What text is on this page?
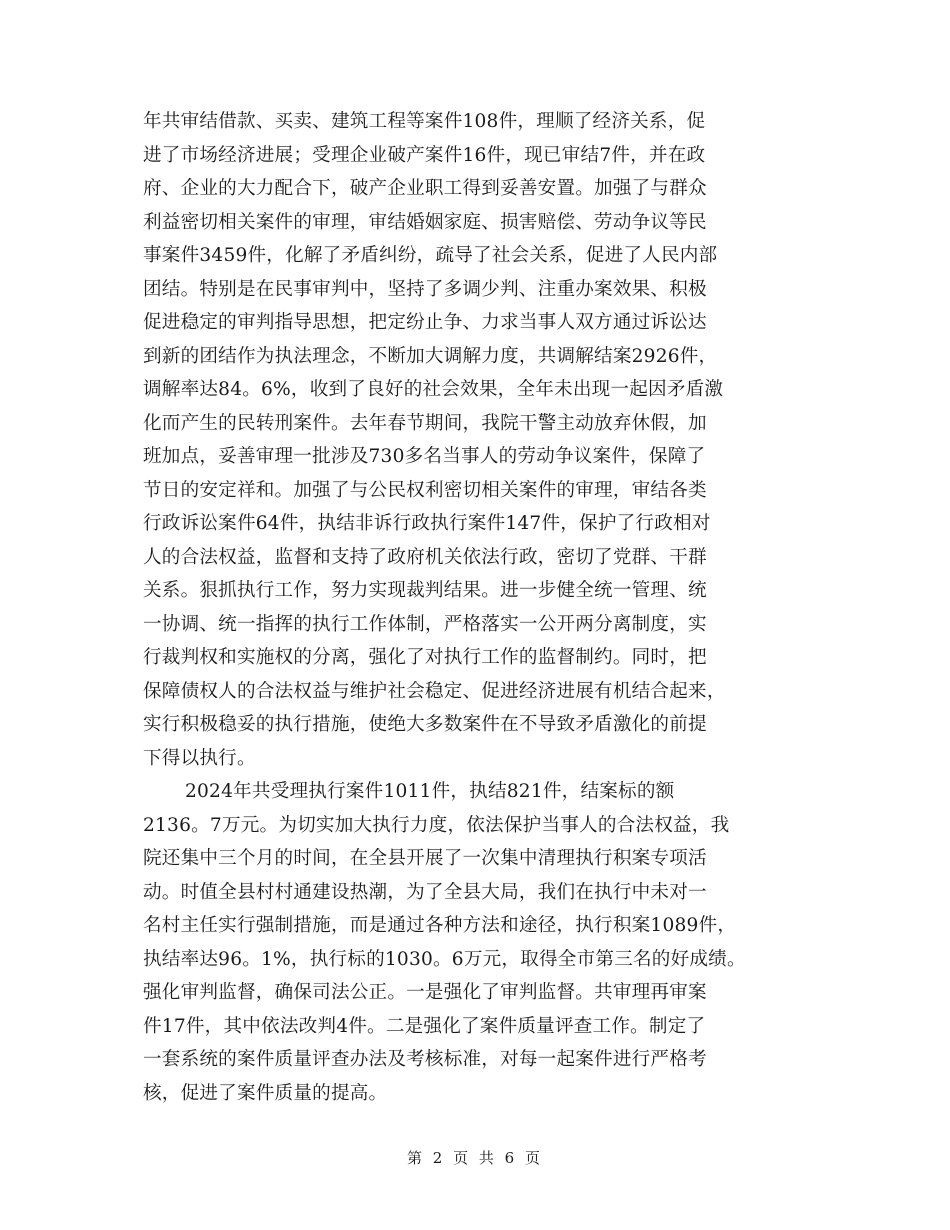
年共审结借款、买卖、建筑工程等案件108件，理顺了经济关系，促
进了市场经济进展；受理企业破产案件16件，现已审结7件，并在政
府、企业的大力配合下，破产企业职工得到妥善安置。加强了与群众
利益密切相关案件的审理，审结婚姻家庭、损害赔偿、劳动争议等民
事案件3459件，化解了矛盾纠纷，疏导了社会关系，促进了人民内部
团结。特别是在民事审判中，坚持了多调少判、注重办案效果、积极
促进稳定的审判指导思想，把定纷止争、力求当事人双方通过诉讼达
到新的团结作为执法理念，不断加大调解力度，共调解结案2926件，
调解率达84。6%，收到了良好的社会效果，全年未出现一起因矛盾激
化而产生的民转刑案件。去年春节期间，我院干警主动放弃休假，加
班加点，妥善审理一批涉及730多名当事人的劳动争议案件，保障了
节日的安定祥和。加强了与公民权利密切相关案件的审理，审结各类
行政诉讼案件64件，执结非诉行政执行案件147件，保护了行政相对
人的合法权益，监督和支持了政府机关依法行政，密切了党群、干群
关系。狠抓执行工作，努力实现裁判结果。进一步健全统一管理、统
一协调、统一指挥的执行工作体制，严格落实一公开两分离制度，实
行裁判权和实施权的分离，强化了对执行工作的监督制约。同时，把
保障债权人的合法权益与维护社会稳定、促进经济进展有机结合起来，
实行积极稳妥的执行措施，使绝大多数案件在不导致矛盾激化的前提
下得以执行。
2024年共受理执行案件1011件，执结821件，结案标的额
2136。7万元。为切实加大执行力度，依法保护当事人的合法权益，我
院还集中三个月的时间，在全县开展了一次集中清理执行积案专项活
动。时值全县村村通建设热潮，为了全县大局，我们在执行中未对一
名村主任实行强制措施，而是通过各种方法和途径，执行积案1089件，
执结率达96。1%，执行标的1030。6万元，取得全市第三名的好成绩。
强化审判监督，确保司法公正。一是强化了审判监督。共审理再审案
件17件，其中依法改判4件。二是强化了案件质量评查工作。制定了
一套系统的案件质量评查办法及考核标准，对每一起案件进行严格考
核，促进了案件质量的提高。
第 2 页 共 6 页
